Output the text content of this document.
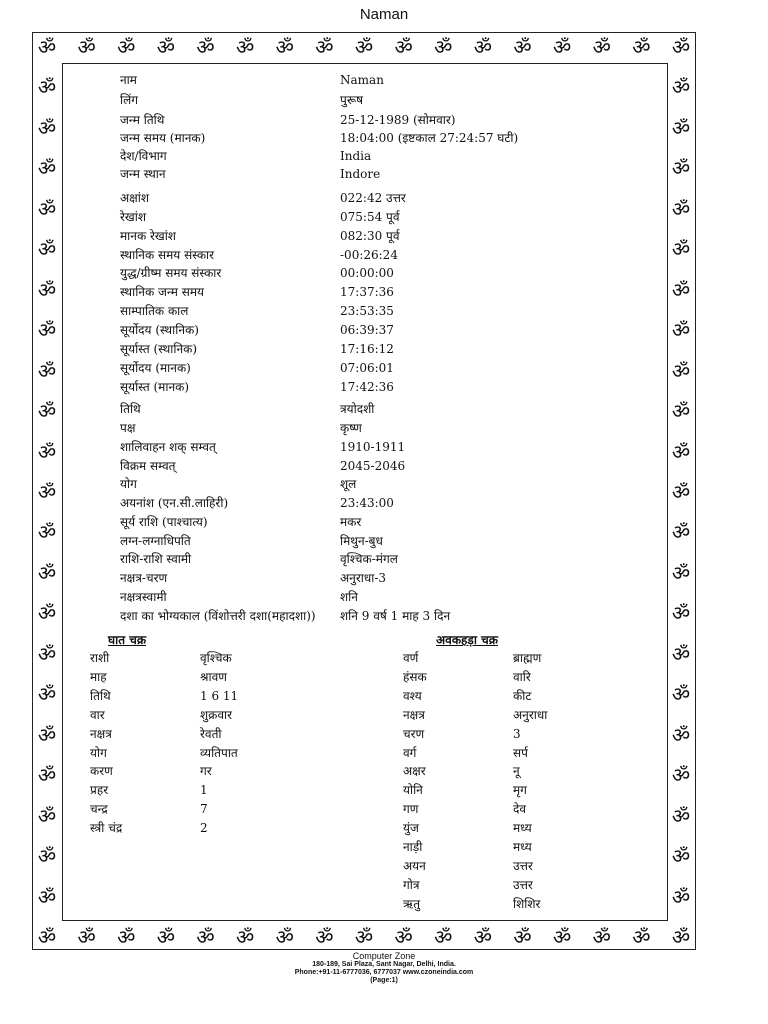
Naman
ॐ
ॐ
ॐ
ॐ
ॐ
ॐ
ॐ
ॐ
ॐ
ॐ
ॐ
ॐ
ॐ
ॐ
ॐ
ॐ
ॐ
ॐ
ॐ
ॐ
ॐ
ॐ
ॐ
ॐ
ॐ
ॐ
ॐ
ॐ
ॐ
ॐ
ॐ
ॐ
ॐ
ॐ
ॐ	ॐ
ॐ	ॐ
ॐ	ॐ
ॐ	ॐ
ॐ	ॐ
ॐ	ॐ
ॐ	ॐ
ॐ	ॐ
ॐ	ॐ
ॐ	ॐ
ॐ	ॐ
ॐ	ॐ
ॐ	ॐ
ॐ	ॐ
ॐ	ॐ
ॐ	ॐ
ॐ	ॐ
ॐ	ॐ
ॐ	ॐ
ॐ	ॐ
ॐ	ॐ
नाम	Naman
लिंग	पुरूष
जन्म तिथि	25-12-1989 (सोमवार)
जन्म समय (मानक)	18:04:00 (इष्टकाल 27:24:57 घटी)
देश/विभाग	India
जन्म स्थान	Indore
अक्षांश	022:42 उत्तर
रेखांश	075:54 पूर्व
मानक रेखांश	082:30 पूर्व
स्थानिक समय संस्कार	-00:26:24
युद्ध/ग्रीष्म समय संस्कार	00:00:00
स्थानिक जन्म समय	17:37:36
साम्पातिक काल	23:53:35
सूर्योदय (स्थानिक)	06:39:37
सूर्यास्त (स्थानिक)	17:16:12
सूर्योदय (मानक)	07:06:01
सूर्यास्त (मानक)	17:42:36
तिथि	त्रयोदशी
पक्ष	कृष्ण
शालिवाहन शक् सम्वत्	1910-1911
विक्रम सम्वत्	2045-2046
योग	शूल
अयनांश (एन.सी.लाहिरी)	23:43:00
सूर्य राशि (पाश्चात्य)	मकर
लग्न-लग्नाधिपति	मिथुन-बुध
राशि-राशि स्वामी	वृश्चिक-मंगल
नक्षत्र-चरण	अनुराधा-3
नक्षत्रस्वामी	शनि
दशा का भोग्यकाल (विंशोत्तरी दशा(महादशा)) शनि 9 वर्ष 1 माह 3 दिन
घात चक्र
राशी	वृश्चिक
माह	श्रावण
तिथि	1 6 11
वार	शुक्रवार
नक्षत्र	रेवती
योग	व्यतिपात
करण	गर
प्रहर	1
चन्द्र	7
स्त्री चंद्र	2
अवकहड़ा चक्र
वर्ण	ब्राह्मण
हंसक	वारि
वश्य	कीट
नक्षत्र	अनुराधा
चरण	3
वर्ग	सर्प
अक्षर	नू
योनि	मृग
गण	देव
युंज	मध्य
नाड़ी	मध्य
अयन	उत्तर
गोत्र	उत्तर
ऋतु	शिशिर
Computer Zone
180-189, Sai Plaza, Sant Nagar, Delhi, India.
Phone:+91-11-6777036, 6777037 www.czoneindia.com
(Page:1)
